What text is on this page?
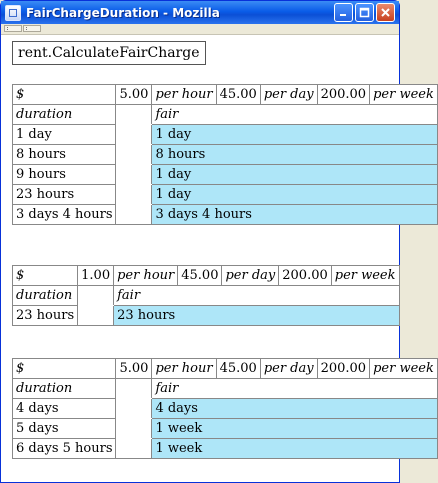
FairChargeDuration - Mozilla
rent.CalculateFairCharge
$	5.00	per hour	45.00	per day	200.00	per week
duration		fair				
1 day		1 day				
8 hours		8 hours				
9 hours		1 day				
23 hours		1 day				
3 days 4 hours		3 days 4 hours				
$	1.00	per hour	45.00	per day	200.00	per week
duration		fair				
23 hours		23 hours				
$	5.00	per hour	45.00	per day	200.00	per week
duration		fair				
4 days		4 days				
5 days		1 week				
6 days 5 hours		1 week				
